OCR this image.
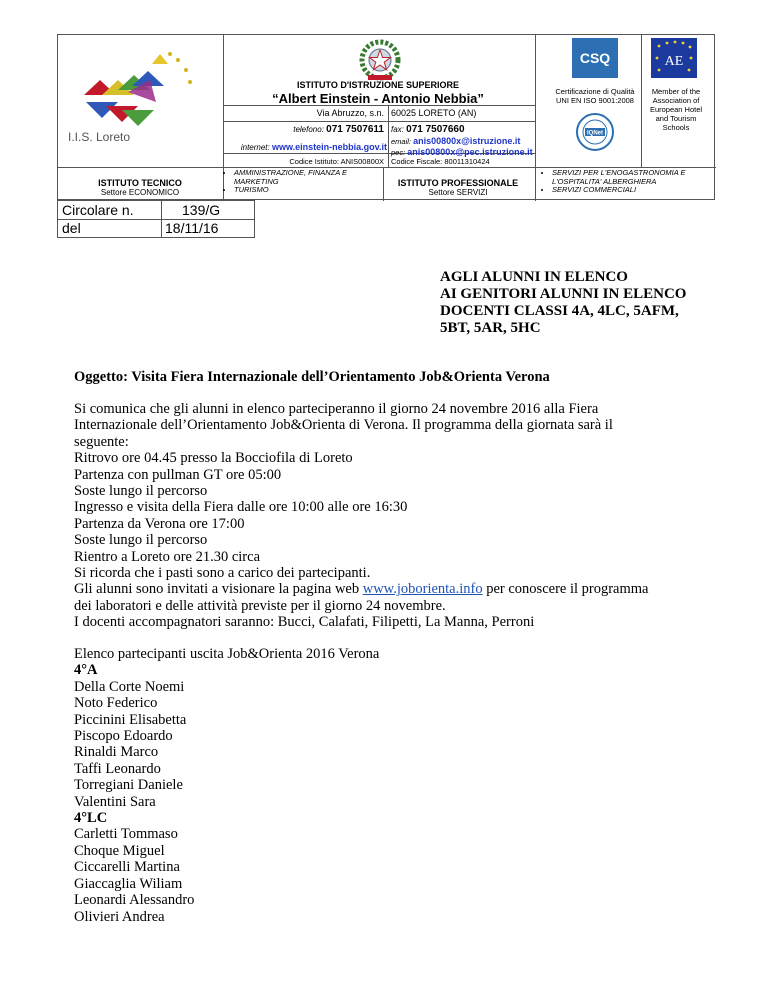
I.I.S. Loreto
ISTITUTO D'ISTRUZIONE SUPERIORE
“Albert Einstein - Antonio Nebbia”
Via Abruzzo, s.n. 60025 LORETO (AN)
telefono: 071 7507611 fax: 071 7507660
internet: www.einstein-nebbia.gov.it
email: anis00800x@istruzione.it
pec: anis00800x@pec.istruzione.it
Codice Istituto: ANIS00800X Codice Fiscale: 80011310424
CSQ
Certificazione di Qualità UNI EN ISO 9001:2008
IQNet
AE
Member of the Association of European Hotel and Tourism Schools
ISTITUTO TECNICO
Settore ECONOMICO
• AMMINISTRAZIONE, FINANZA E MARKETING
• TURISMO
ISTITUTO PROFESSIONALE
Settore SERVIZI
• SERVIZI PER L'ENOGASTRONOMIA E L'OSPITALITA' ALBERGHIERA
• SERVIZI COMMERCIALI
Circolare n.	139/G
del	18/11/16
AGLI ALUNNI IN ELENCO
AI GENITORI ALUNNI IN ELENCO
DOCENTI CLASSI 4A, 4LC, 5AFM,
5BT, 5AR, 5HC
Oggetto: Visita Fiera Internazionale dell’Orientamento Job&Orienta Verona
Si comunica che gli alunni in elenco parteciperanno il giorno 24 novembre 2016 alla Fiera
Internazionale dell’Orientamento Job&Orienta di Verona. Il programma della giornata sarà il
seguente:
Ritrovo ore 04.45 presso la Bocciofila di Loreto
Partenza con pullman GT ore 05:00
Soste lungo il percorso
Ingresso e visita della Fiera dalle ore 10:00 alle ore 16:30
Partenza da Verona ore 17:00
Soste lungo il percorso
Rientro a Loreto ore 21.30 circa
Si ricorda che i pasti sono a carico dei partecipanti.
Gli alunni sono invitati a visionare la pagina web www.joborienta.info per conoscere il programma
dei laboratori e delle attività previste per il giorno 24 novembre.
I docenti accompagnatori saranno: Bucci, Calafati, Filipetti, La Manna, Perroni
Elenco partecipanti uscita Job&Orienta 2016 Verona
4°A
Della Corte Noemi
Noto Federico
Piccinini Elisabetta
Piscopo Edoardo
Rinaldi Marco
Taffi Leonardo
Torregiani Daniele
Valentini Sara
4°LC
Carletti Tommaso
Choque Miguel
Ciccarelli Martina
Giaccaglia Wiliam
Leonardi Alessandro
Olivieri Andrea
